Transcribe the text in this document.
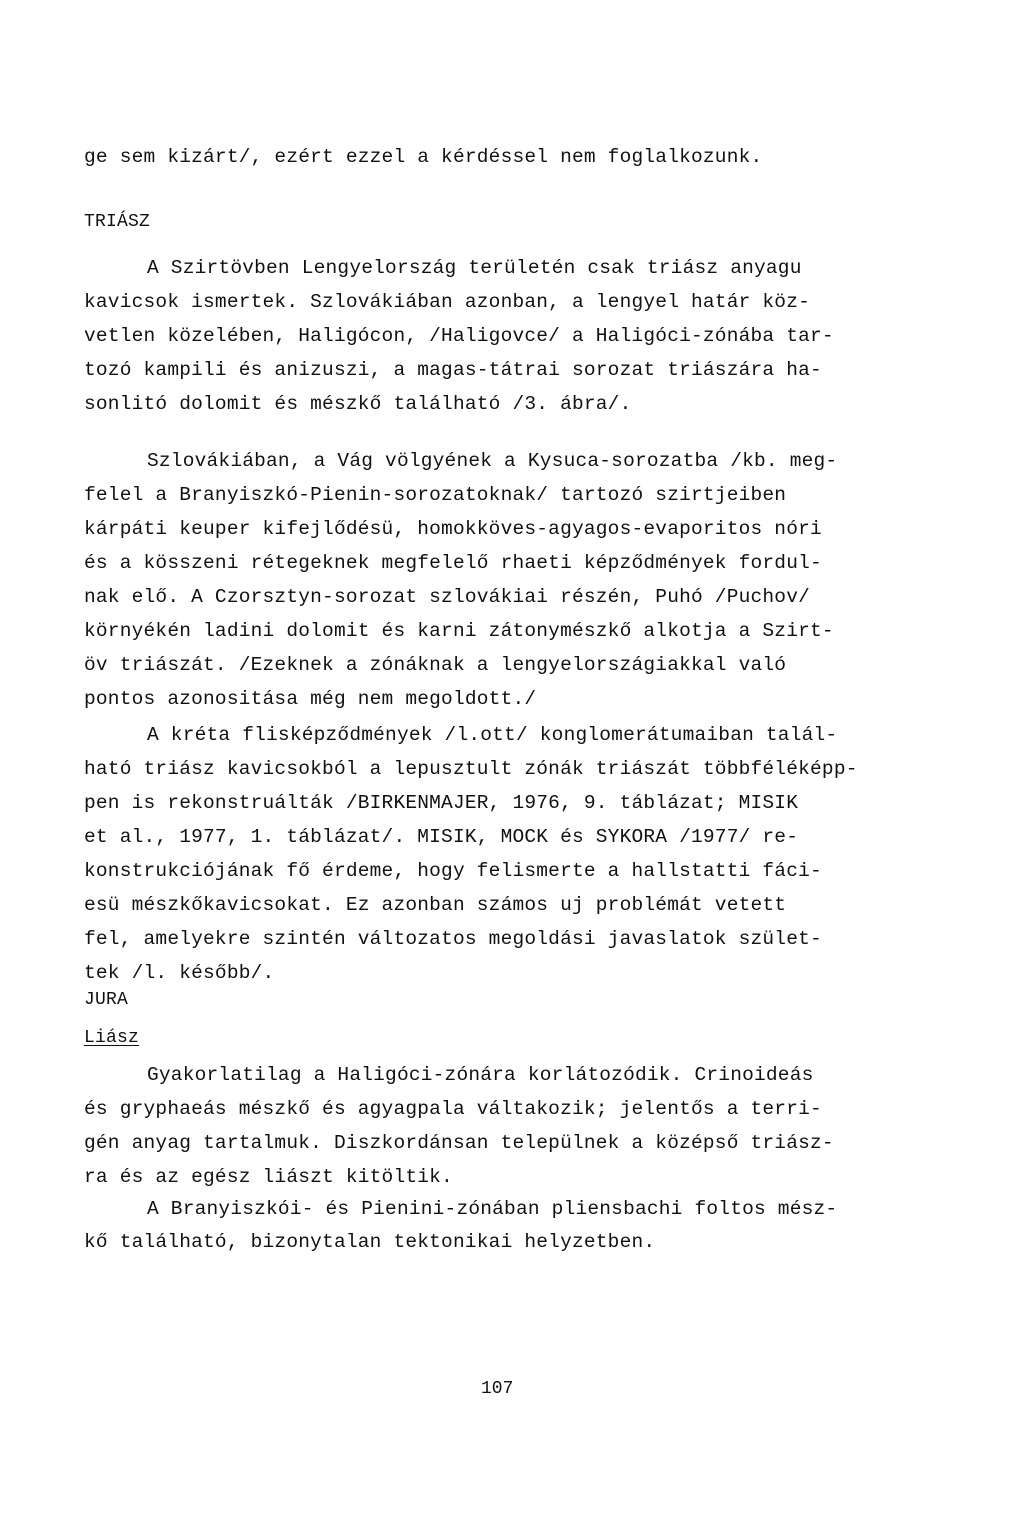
ge sem kizárt/, ezért ezzel a kérdéssel nem foglalkozunk.
TRIÁSZ
A Szirtövben Lengyelország területén csak triász anyagu
kavicsok ismertek. Szlovákiában azonban, a lengyel határ köz-
vetlen közelében, Haligócon, /Haligovce/ a Haligóci-zónába tar-
tozó kampili és anizuszi, a magas-tátrai sorozat triászára ha-
sonlitó dolomit és mészkő található /3. ábra/.
Szlovákiában, a Vág völgyének a Kysuca-sorozatba /kb. meg-
felel a Branyiszkó-Pienin-sorozatoknak/ tartozó szirtjeiben
kárpáti keuper kifejlődésü, homokköves-agyagos-evaporitos nóri
és a kösszeni rétegeknek megfelelő rhaeti képződmények fordul-
nak elő. A Czorsztyn-sorozat szlovákiai részén, Puhó /Puchov/
környékén ladini dolomit és karni zátonymészkő alkotja a Szirt-
öv triászát. /Ezeknek a zónáknak a lengyelországiakkal való
pontos azonositása még nem megoldott./
A kréta flisképződmények /l.ott/ konglomerátumaiban talál-
ható triász kavicsokból a lepusztult zónák triászát többféléképp-
pen is rekonstruálták /BIRKENMAJER, 1976, 9. táblázat; MISIK
et al., 1977, 1. táblázat/. MISIK, MOCK és SYKORA /1977/ re-
konstrukciójának fő érdeme, hogy felismerte a hallstatti fáci-
esü mészkőkavicsokat. Ez azonban számos uj problémát vetett
fel, amelyekre szintén változatos megoldási javaslatok szület-
tek /l. később/.
JURA
Liász
Gyakorlatilag a Haligóci-zónára korlátozódik. Crinoideás
és gryphaeás mészkő és agyagpala váltakozik; jelentős a terri-
gén anyag tartalmuk. Diszkordánsan települnek a középső triász-
ra és az egész liászt kitöltik.
A Branyiszkói- és Pienini-zónában pliensbachi foltos mész-
kő található, bizonytalan tektonikai helyzetben.
107
